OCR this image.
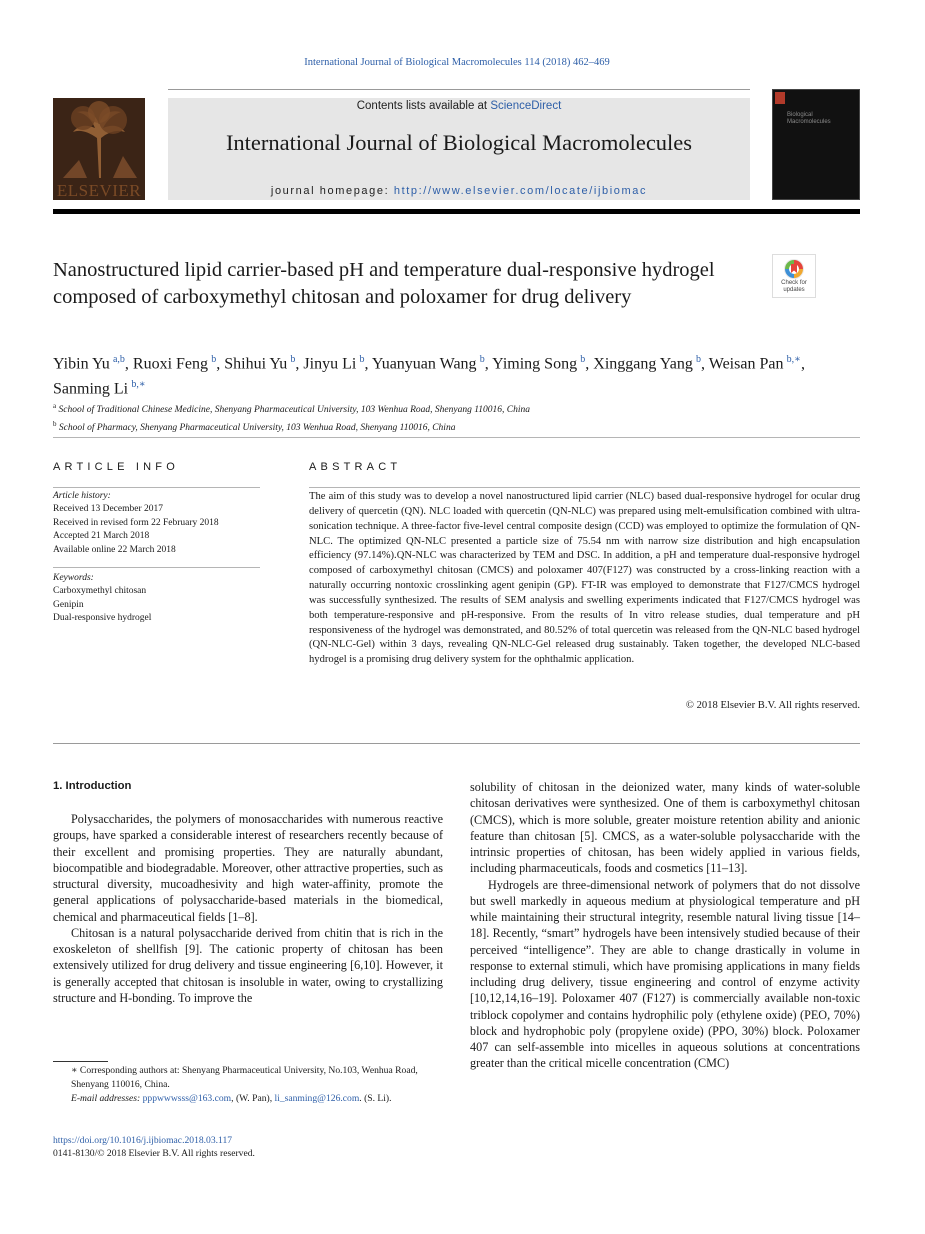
International Journal of Biological Macromolecules 114 (2018) 462–469
ELSEVIER
Contents lists available at ScienceDirect
International Journal of Biological Macromolecules
journal homepage: http://www.elsevier.com/locate/ijbiomac
Biological Macromolecules
Nanostructured lipid carrier-based pH and temperature dual-responsive hydrogel composed of carboxymethyl chitosan and poloxamer for drug delivery
Check for
updates
Yibin Yu  $^{a,b}$, Ruoxi Feng  $^b$, Shihui Yu  $^b$, Jinyu Li  $^b$, Yuanyuan Wang  $^b$, Yiming Song  $^b$, Xinggang Yang  $^b$, Weisan Pan  $^{b,∗}$, Sanming Li  $^{b,∗}$
$^a$ School of Traditional Chinese Medicine, Shenyang Pharmaceutical University, 103 Wenhua Road, Shenyang 110016, China
$^b$ School of Pharmacy, Shenyang Pharmaceutical University, 103 Wenhua Road, Shenyang 110016, China
ARTICLE INFO	ABSTRACT
Article history:
Received 13 December 2017
Received in revised form 22 February 2018
Accepted 21 March 2018
Available online 22 March 2018
Keywords:
Carboxymethyl chitosan
Genipin
Dual-responsive hydrogel
The aim of this study was to develop a novel nanostructured lipid carrier (NLC) based dual-responsive hydrogel for ocular drug delivery of quercetin (QN). NLC loaded with quercetin (QN-NLC) was prepared using melt-emulsification combined with ultra-sonication technique. A three-factor five-level central composite design (CCD) was employed to optimize the formulation of QN-NLC. The optimized QN-NLC presented a particle size of 75.54 nm with narrow size distribution and high encapsulation efficiency (97.14%).QN-NLC was characterized by TEM and DSC. In addition, a pH and temperature dual-responsive hydrogel composed of carboxymethyl chitosan (CMCS) and poloxamer 407(F127) was constructed by a cross-linking reaction with a naturally occurring nontoxic crosslinking agent genipin (GP). FT-IR was employed to demonstrate that F127/CMCS hydrogel was successfully synthesized. The results of SEM analysis and swelling experiments indicated that F127/CMCS hydrogel was both temperature-responsive and pH-responsive. From the results of In vitro release studies, dual temperature and pH responsiveness of the hydrogel was demonstrated, and 80.52% of total quercetin was released from the QN-NLC based hydrogel (QN-NLC-Gel) within 3 days, revealing QN-NLC-Gel released drug sustainably. Taken together, the developed NLC-based hydrogel is a promising drug delivery system for the ophthalmic application.
© 2018 Elsevier B.V. All rights reserved.
1. Introduction

Polysaccharides, the polymers of monosaccharides with numerous reactive groups, have sparked a considerable interest of researchers recently because of their excellent and promising properties. They are naturally abundant, biocompatible and biodegradable. Moreover, other attractive properties, such as structural diversity, mucoadhesivity and high water-affinity, promote the general applications of polysaccharide-based materials in the biomedical, chemical and pharmaceutical fields [1–8].

Chitosan is a natural polysaccharide derived from chitin that is rich in the exoskeleton of shellfish [9]. The cationic property of chitosan has been extensively utilized for drug delivery and tissue engineering [6,10]. However, it is generally accepted that chitosan is insoluble in water, owing to crystallizing structure and H-bonding. To improve the

solubility of chitosan in the deionized water, many kinds of water-soluble chitosan derivatives were synthesized. One of them is carboxymethyl chitosan (CMCS), which is more soluble, greater moisture retention ability and anionic feature than chitosan [5]. CMCS, as a water-soluble polysaccharide with the intrinsic properties of chitosan, has been widely applied in various fields, including pharmaceuticals, foods and cosmetics [11–13].

Hydrogels are three-dimensional network of polymers that do not dissolve but swell markedly in aqueous medium at physiological temperature and pH while maintaining their structural integrity, resemble natural living tissue [14–18]. Recently, “smart” hydrogels have been intensively studied because of their perceived “intelligence”. They are able to change drastically in volume in response to external stimuli, which have promising applications in many fields including drug delivery, tissue engineering and control of enzyme activity [10,12,14,16–19]. Poloxamer 407 (F127) is commercially available non-toxic triblock copolymer and contains hydrophilic poly (ethylene oxide) (PEO, 70%) block and hydrophobic poly (propylene oxide) (PPO, 30%) block. Poloxamer 407 can self-assemble into micelles in aqueous solutions at concentrations greater than the critical micelle concentration (CMC)

∗ Corresponding authors at: Shenyang Pharmaceutical University, No.103, Wenhua Road, Shenyang 110016, China.
E-mail addresses: pppwwwsss@163.com, (W. Pan), li_sanming@126.com. (S. Li).
https://doi.org/10.1016/j.ijbiomac.2018.03.117
0141-8130/© 2018 Elsevier B.V. All rights reserved.
